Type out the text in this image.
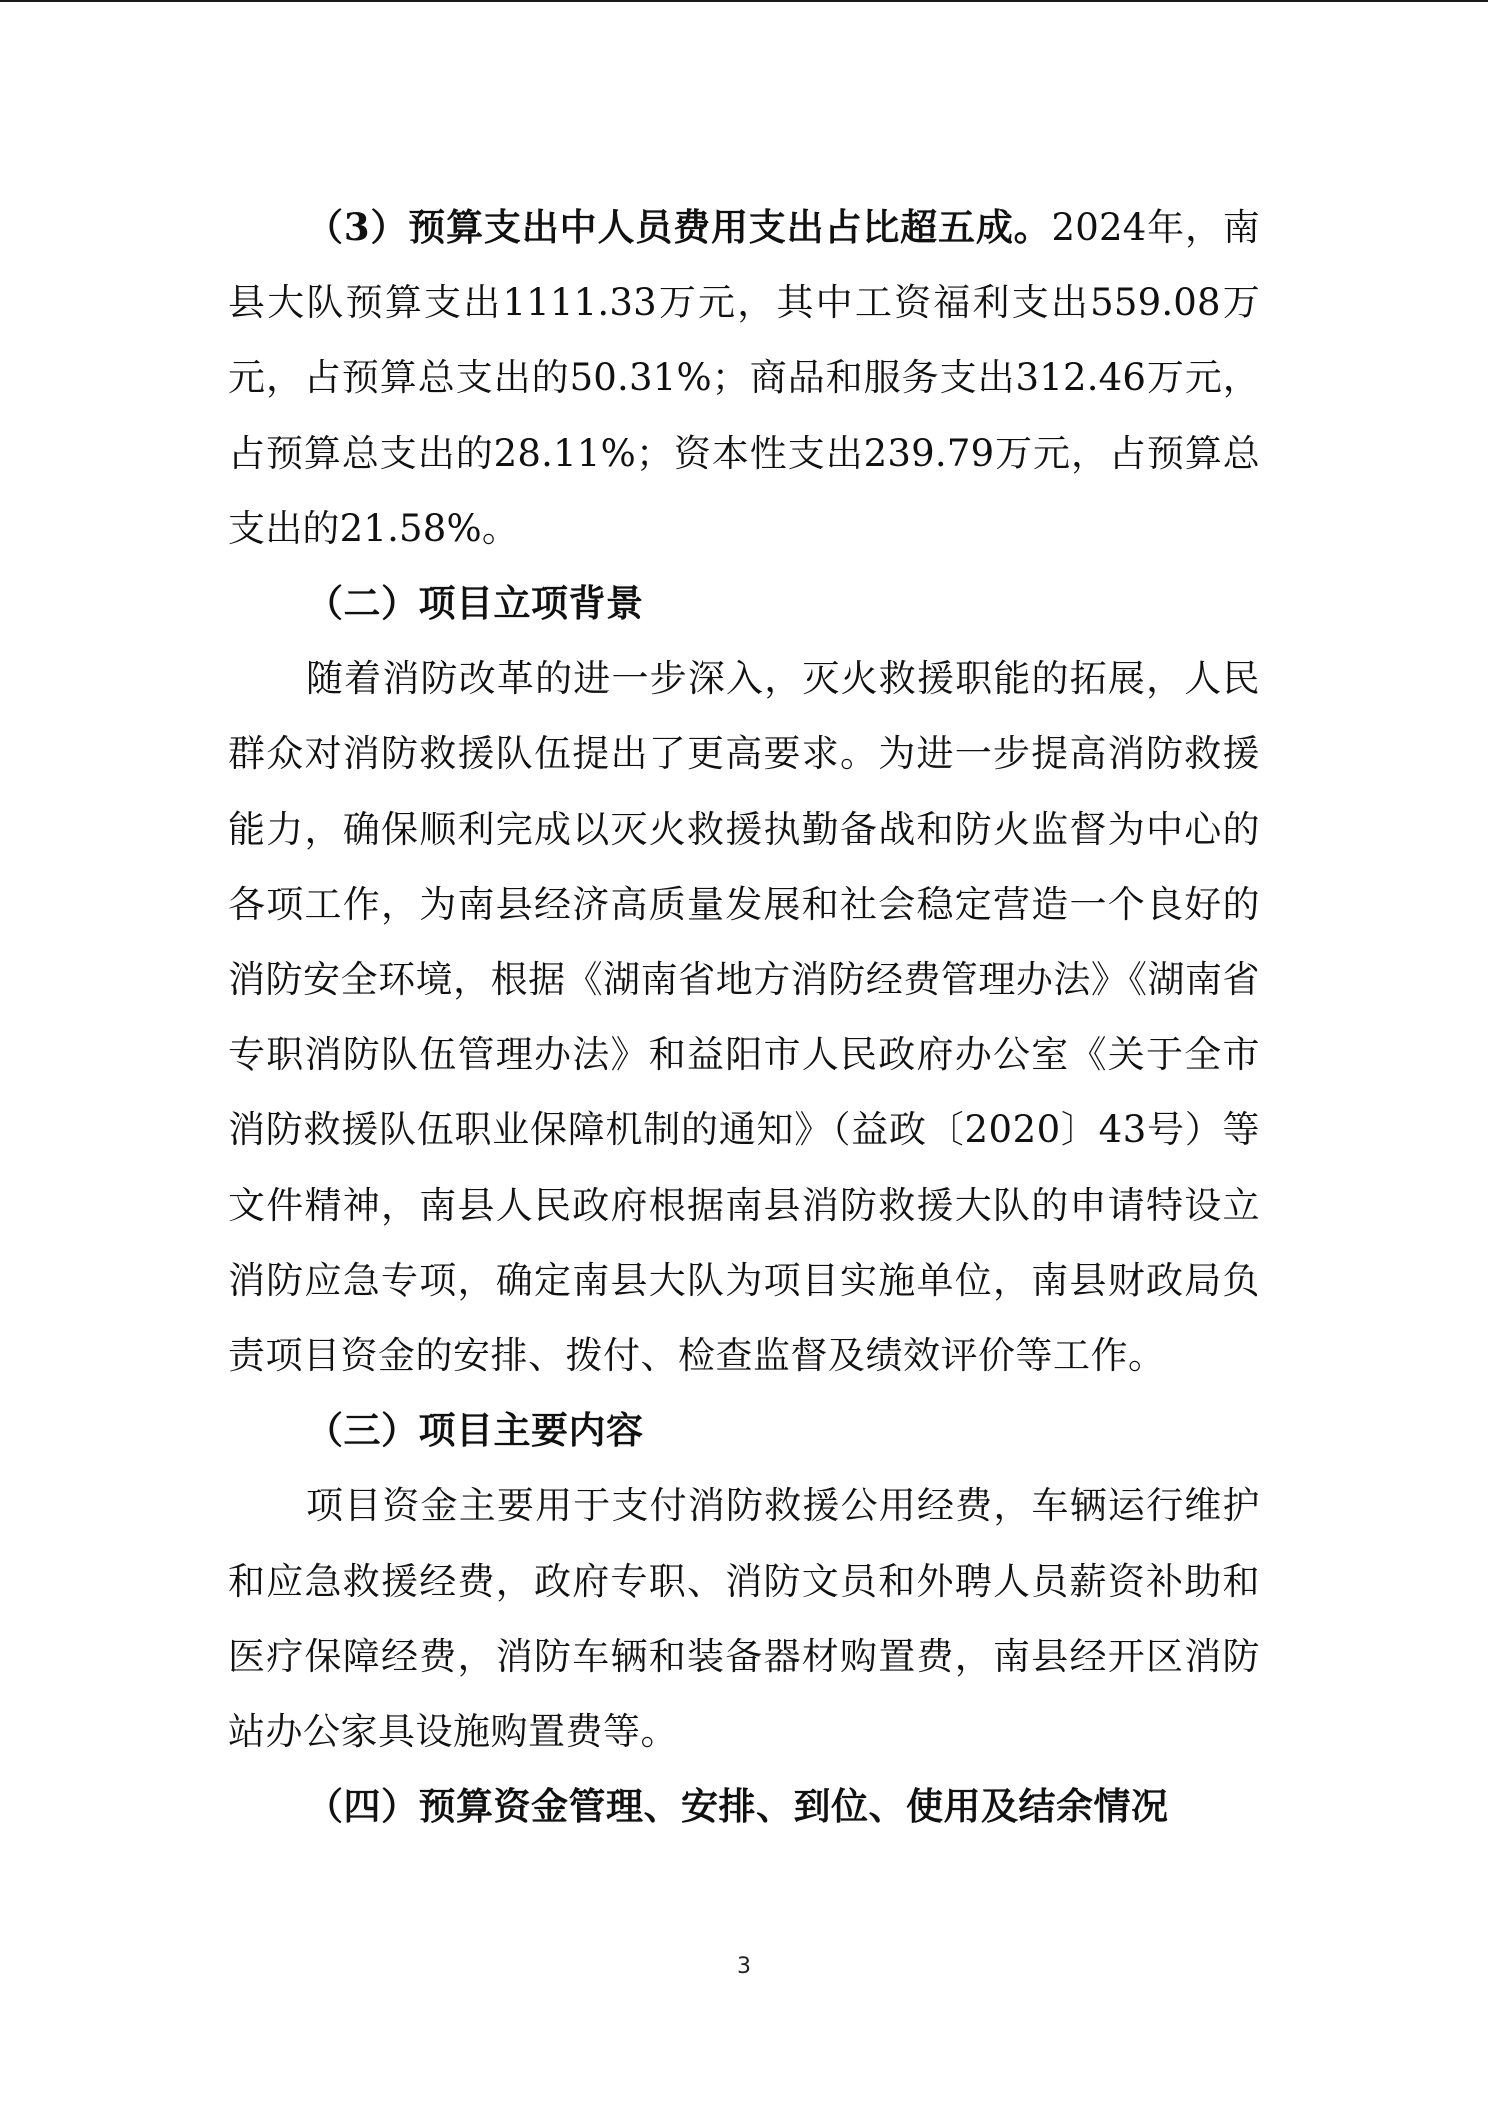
（3）预算支出中人员费用支出占比超五成。2024年，南县大队预算支出1111.33万元，其中工资福利支出559.08万元，占预算总支出的50.31%；商品和服务支出312.46万元，占预算总支出的28.11%；资本性支出239.79万元，占预算总支出的21.58%。

（二）项目立项背景

随着消防改革的进一步深入，灭火救援职能的拓展，人民群众对消防救援队伍提出了更高要求。为进一步提高消防救援能力，确保顺利完成以灭火救援执勤备战和防火监督为中心的各项工作，为南县经济高质量发展和社会稳定营造一个良好的消防安全环境，根据《湖南省地方消防经费管理办法》《湖南省专职消防队伍管理办法》和益阳市人民政府办公室《关于全市消防救援队伍职业保障机制的通知》（益政〔2020〕43号）等文件精神，南县人民政府根据南县消防救援大队的申请特设立消防应急专项，确定南县大队为项目实施单位，南县财政局负责项目资金的安排、拨付、检查监督及绩效评价等工作。

（三）项目主要内容

项目资金主要用于支付消防救援公用经费，车辆运行维护和应急救援经费，政府专职、消防文员和外聘人员薪资补助和医疗保障经费，消防车辆和装备器材购置费，南县经开区消防站办公家具设施购置费等。

（四）预算资金管理、安排、到位、使用及结余情况

3
